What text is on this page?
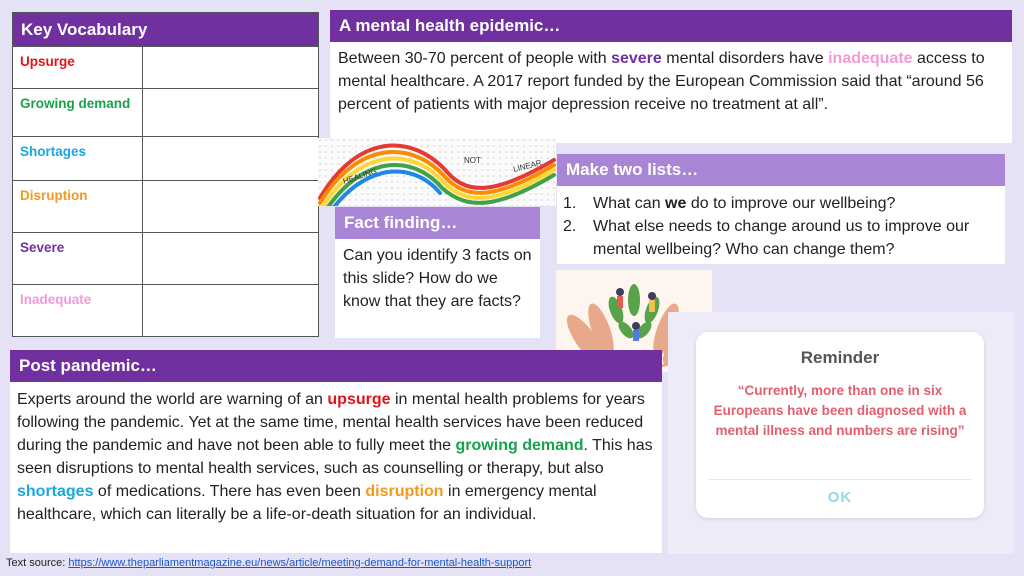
Key Vocabulary
Upsurge
Growing demand
Shortages
Disruption
Severe
Inadequate
A mental health epidemic…
Between 30-70 percent of people with severe mental disorders have inadequate access to mental healthcare. A 2017 report funded by the European Commission said that “around 56 percent of patients with major depression receive no treatment at all”.
HEALING
NOT	LINEAR	Make two lists…
1.	What can we do to improve our wellbeing?
2.	What else needs to change around us to improve our mental wellbeing? Who can change them?
Fact finding…
Can you identify 3 facts on this slide? How do we know that they are facts?
Post pandemic…
Experts around the world are warning of an upsurge in mental health problems for years following the pandemic. Yet at the same time, mental health services have been reduced during the pandemic and have not been able to fully meet the growing demand. This has seen disruptions to mental health services, such as counselling or therapy, but also shortages of medications. There has even been disruption in emergency mental healthcare, which can literally be a life-or-death situation for an individual.
Reminder
“Currently, more than one in six Europeans have been diagnosed with a mental illness and numbers are rising”
OK
Text source: https://www.theparliamentmagazine.eu/news/article/meeting-demand-for-mental-health-support
